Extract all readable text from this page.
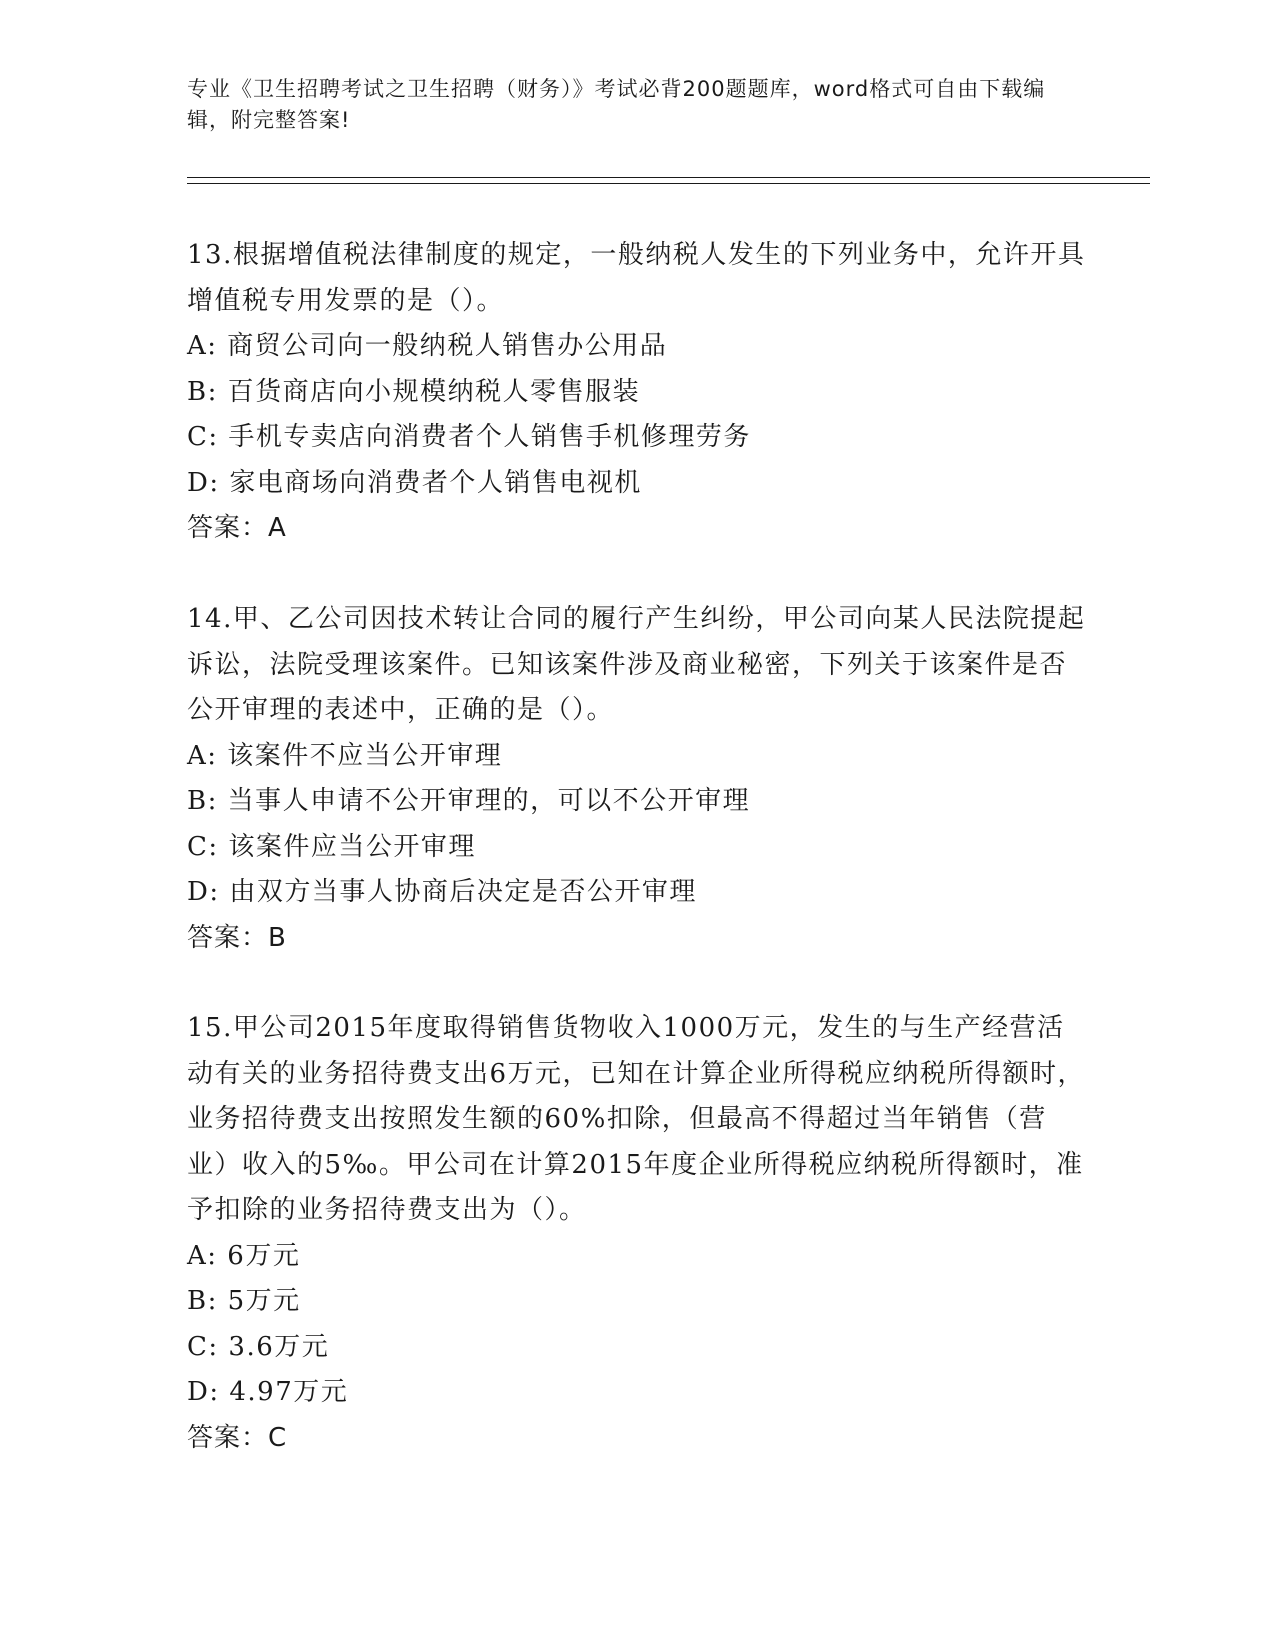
专业《卫生招聘考试之卫生招聘（财务）》考试必背200题题库，word格式可自由下载编辑，附完整答案!

13.根据增值税法律制度的规定，一般纳税人发生的下列业务中，允许开具增值税专用发票的是（）。

A: 商贸公司向一般纳税人销售办公用品

B: 百货商店向小规模纳税人零售服装

C: 手机专卖店向消费者个人销售手机修理劳务

D: 家电商场向消费者个人销售电视机

答案：A

14.甲、乙公司因技术转让合同的履行产生纠纷，甲公司向某人民法院提起诉讼，法院受理该案件。已知该案件涉及商业秘密，下列关于该案件是否公开审理的表述中，正确的是（）。

A: 该案件不应当公开审理

B: 当事人申请不公开审理的，可以不公开审理

C: 该案件应当公开审理

D: 由双方当事人协商后决定是否公开审理

答案：B

15.甲公司2015年度取得销售货物收入1000万元，发生的与生产经营活动有关的业务招待费支出6万元，已知在计算企业所得税应纳税所得额时，业务招待费支出按照发生额的60%扣除，但最高不得超过当年销售（营业）收入的5‰。甲公司在计算2015年度企业所得税应纳税所得额时，准予扣除的业务招待费支出为（）。

A: 6万元

B: 5万元

C: 3.6万元

D: 4.97万元

答案：C
